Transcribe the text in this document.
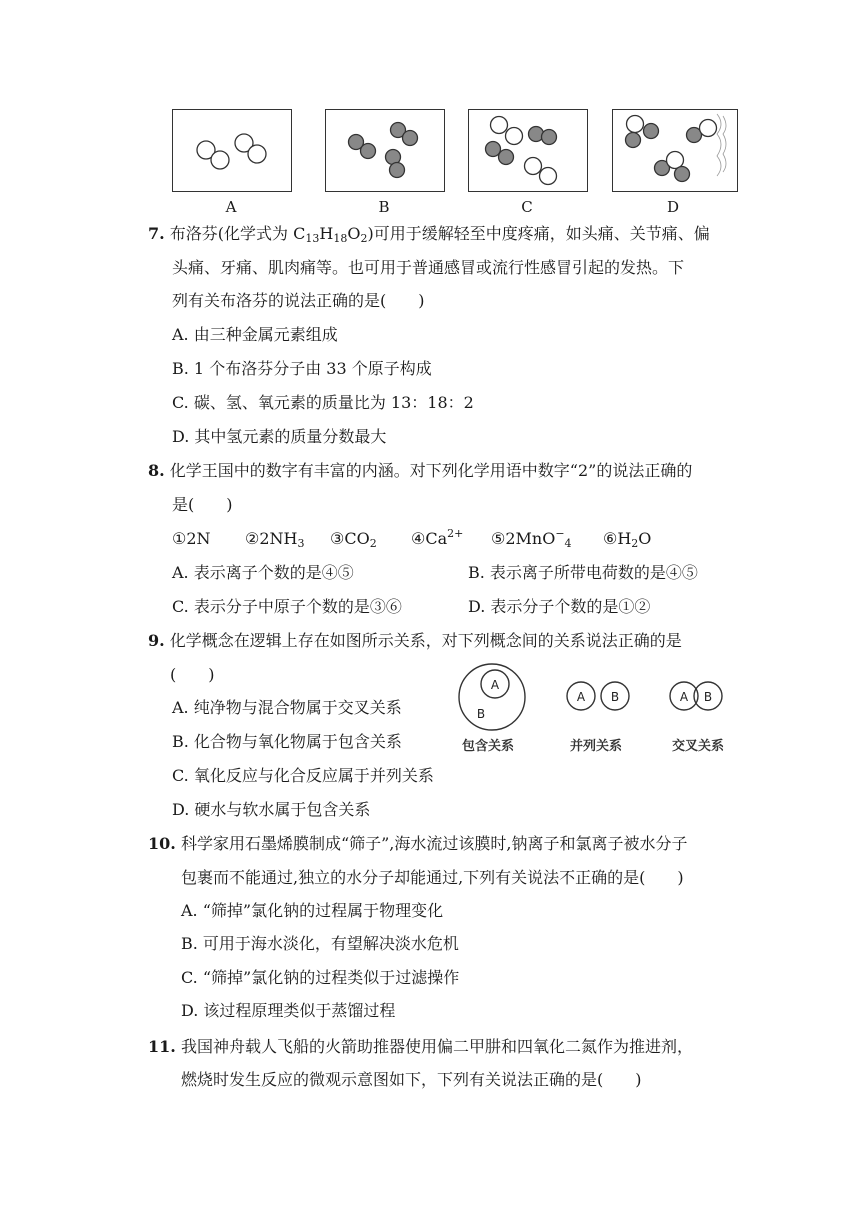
A	B	C	D
7. 布洛芬(化学式为 $C_{13}H_{18}O_2$)可用于缓解轻至中度疼痛，如头痛、关节痛、偏
头痛、牙痛、肌肉痛等。也可用于普通感冒或流行性感冒引起的发热。下
列有关布洛芬的说法正确的是(　　)
A. 由三种金属元素组成
B. 1 个布洛芬分子由 33 个原子构成
C. 碳、氢、氧元素的质量比为 13：18：2
D. 其中氢元素的质量分数最大
8. 化学王国中的数字有丰富的内涵。对下列化学用语中数字“2”的说法正确的
是(　　)
①2N $②2NH_3$ $③CO_2$ $④Ca^{2+}$ ⑤2MnO−$_4$ $⑥H_2O$
A. 表示离子个数的是④⑤	B. 表示离子所带电荷数的是④⑤
C. 表示分子中原子个数的是③⑥	D. 表示分子个数的是①②
9. 化学概念在逻辑上存在如图所示关系，对下列概念间的关系说法正确的是
(　　)
A. 纯净物与混合物属于交叉关系
B. 化合物与氧化物属于包含关系
C. 氧化反应与化合反应属于并列关系
D. 硬水与软水属于包含关系
A
B
A B	A B
包含关系	并列关系	交叉关系
10. 科学家用石墨烯膜制成“筛子”,海水流过该膜时,钠离子和氯离子被水分子
包裹而不能通过,独立的水分子却能通过,下列有关说法不正确的是(　　)
A. “筛掉”氯化钠的过程属于物理变化
B. 可用于海水淡化，有望解决淡水危机
C. “筛掉”氯化钠的过程类似于过滤操作
D. 该过程原理类似于蒸馏过程
11. 我国神舟载人飞船的火箭助推器使用偏二甲肼和四氧化二氮作为推进剂，
燃烧时发生反应的微观示意图如下，下列有关说法正确的是(　　)
